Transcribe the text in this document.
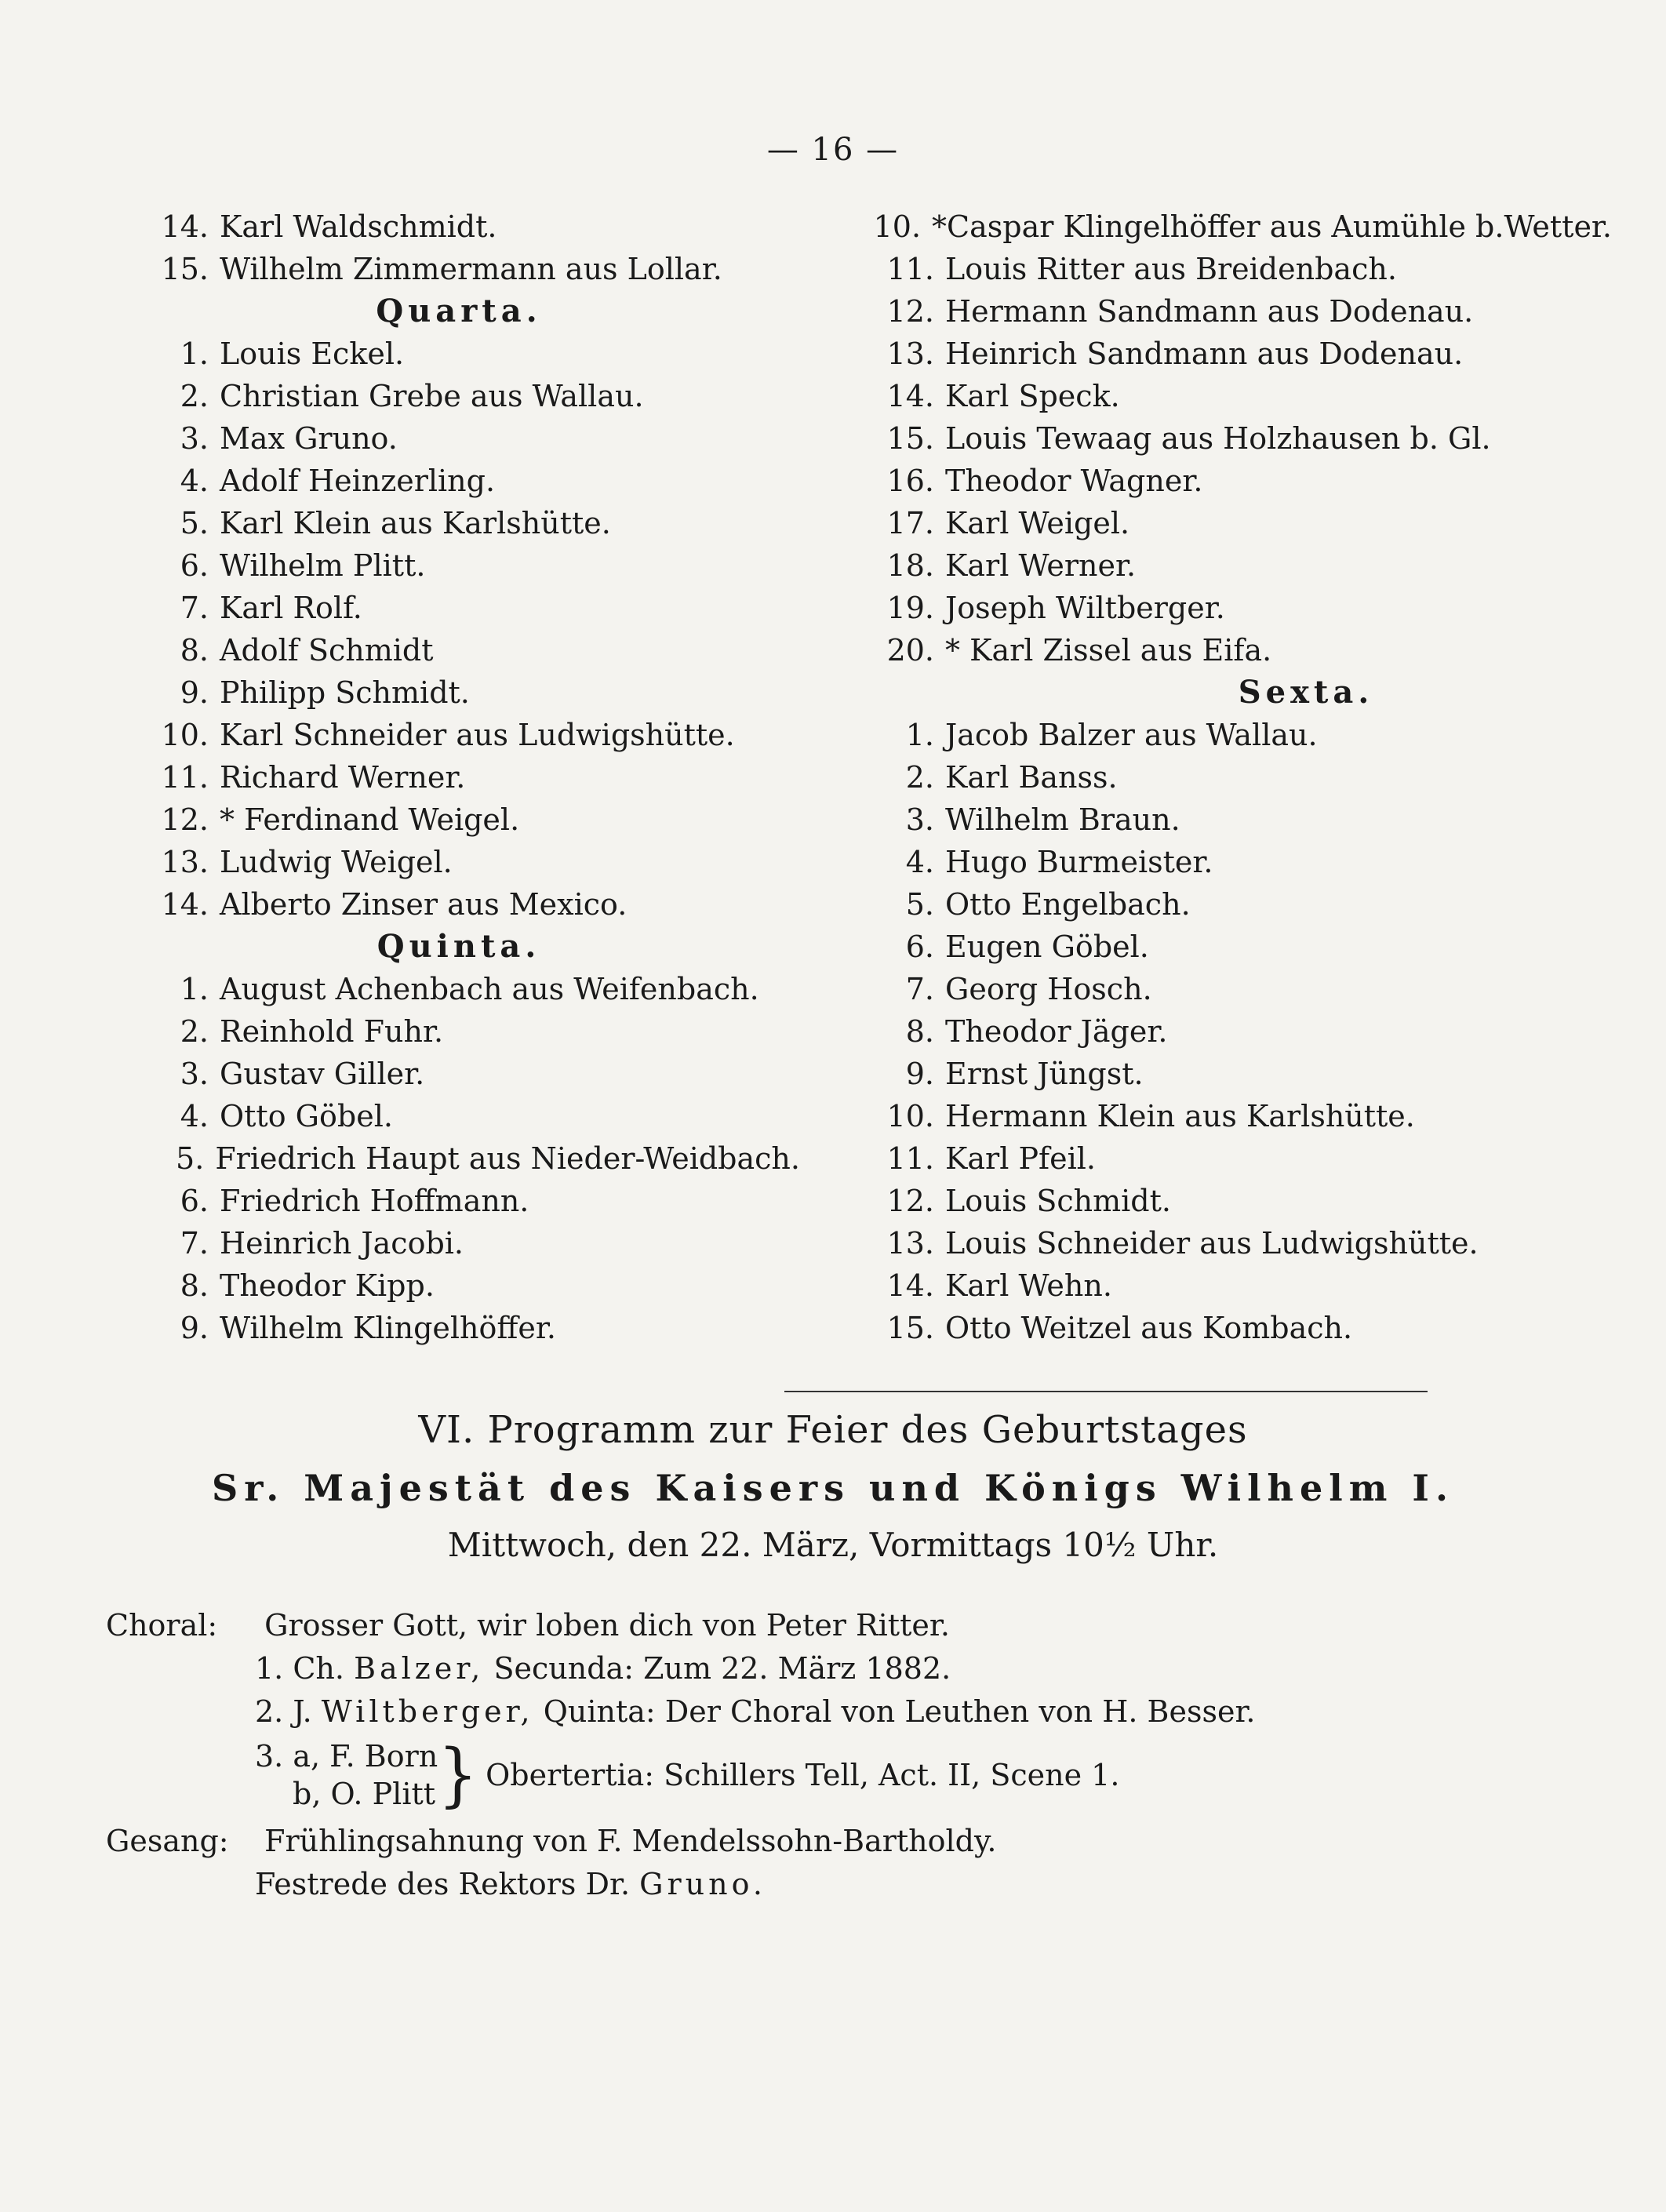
— 16 —
14. Karl Waldschmidt.
15. Wilhelm Zimmermann aus Lollar.
Quarta.
1. Louis Eckel.
2. Christian Grebe aus Wallau.
3. Max Gruno.
4. Adolf Heinzerling.
5. Karl Klein aus Karlshütte.
6. Wilhelm Plitt.
7. Karl Rolf.
8. Adolf Schmidt
9. Philipp Schmidt.
10. Karl Schneider aus Ludwigshütte.
11. Richard Werner.
12. * Ferdinand Weigel.
13. Ludwig Weigel.
14. Alberto Zinser aus Mexico.
Quinta.
1. August Achenbach aus Weifenbach.
2. Reinhold Fuhr.
3. Gustav Giller.
4. Otto Göbel.
5. Friedrich Haupt aus Nieder-Weidbach.
6. Friedrich Hoffmann.
7. Heinrich Jacobi.
8. Theodor Kipp.
9. Wilhelm Klingelhöffer.
10. *Caspar Klingelhöffer aus Aumühle b.Wetter.
11. Louis Ritter aus Breidenbach.
12. Hermann Sandmann aus Dodenau.
13. Heinrich Sandmann aus Dodenau.
14. Karl Speck.
15. Louis Tewaag aus Holzhausen b. Gl.
16. Theodor Wagner.
17. Karl Weigel.
18. Karl Werner.
19. Joseph Wiltberger.
20. * Karl Zissel aus Eifa.
Sexta.
1. Jacob Balzer aus Wallau.
2. Karl Banss.
3. Wilhelm Braun.
4. Hugo Burmeister.
5. Otto Engelbach.
6. Eugen Göbel.
7. Georg Hosch.
8. Theodor Jäger.
9. Ernst Jüngst.
10. Hermann Klein aus Karlshütte.
11. Karl Pfeil.
12. Louis Schmidt.
13. Louis Schneider aus Ludwigshütte.
14. Karl Wehn.
15. Otto Weitzel aus Kombach.
VI. Programm zur Feier des Geburtstages
Sr. Majestät des Kaisers und Königs Wilhelm I.
Mittwoch, den 22. März, Vormittags 10½ Uhr.
Choral: Grosser Gott, wir loben dich von Peter Ritter.
1. Ch. Balzer, Secunda: Zum 22. März 1882.
2. J. Wiltberger, Quinta: Der Choral von Leuthen von H. Besser.
3. a, F. Born
b, O. Plitt } Obertertia: Schillers Tell, Act. II, Scene 1.
Gesang: Frühlingsahnung von F. Mendelssohn-Bartholdy.
Festrede des Rektors Dr. Gruno.
